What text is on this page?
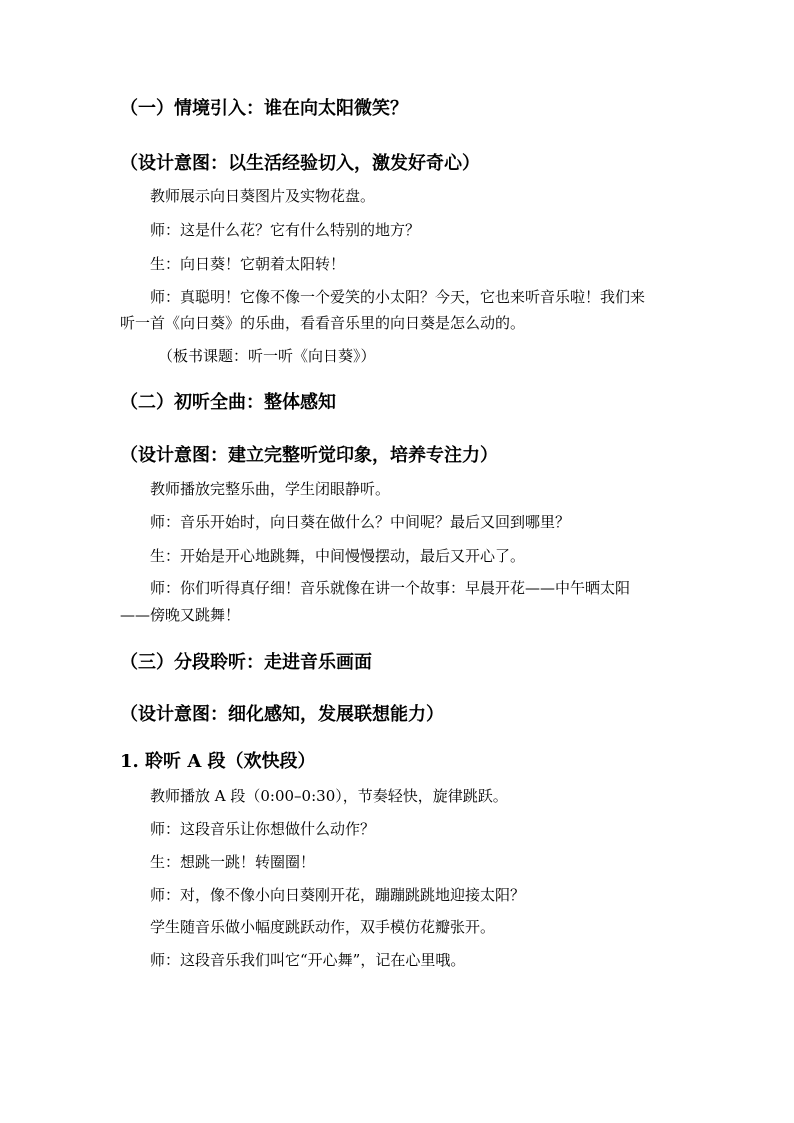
（一）情境引入：谁在向太阳微笑？
（设计意图：以生活经验切入，激发好奇心）
教师展示向日葵图片及实物花盘。
师：这是什么花？它有什么特别的地方？
生：向日葵！它朝着太阳转！
师：真聪明！它像不像一个爱笑的小太阳？今天，它也来听音乐啦！我们来
听一首《向日葵》的乐曲，看看音乐里的向日葵是怎么动的。
（板书课题：听一听《向日葵》）
（二）初听全曲：整体感知
（设计意图：建立完整听觉印象，培养专注力）
教师播放完整乐曲，学生闭眼静听。
师：音乐开始时，向日葵在做什么？中间呢？最后又回到哪里？
生：开始是开心地跳舞，中间慢慢摆动，最后又开心了。
师：你们听得真仔细！音乐就像在讲一个故事：早晨开花——中午晒太阳
——傍晚又跳舞！
（三）分段聆听：走进音乐画面
（设计意图：细化感知，发展联想能力）
1. 聆听 A 段（欢快段）
教师播放 A 段（0:00–0:30），节奏轻快，旋律跳跃。
师：这段音乐让你想做什么动作？
生：想跳一跳！转圈圈！
师：对，像不像小向日葵刚开花，蹦蹦跳跳地迎接太阳？
学生随音乐做小幅度跳跃动作，双手模仿花瓣张开。
师：这段音乐我们叫它“开心舞”，记在心里哦。
